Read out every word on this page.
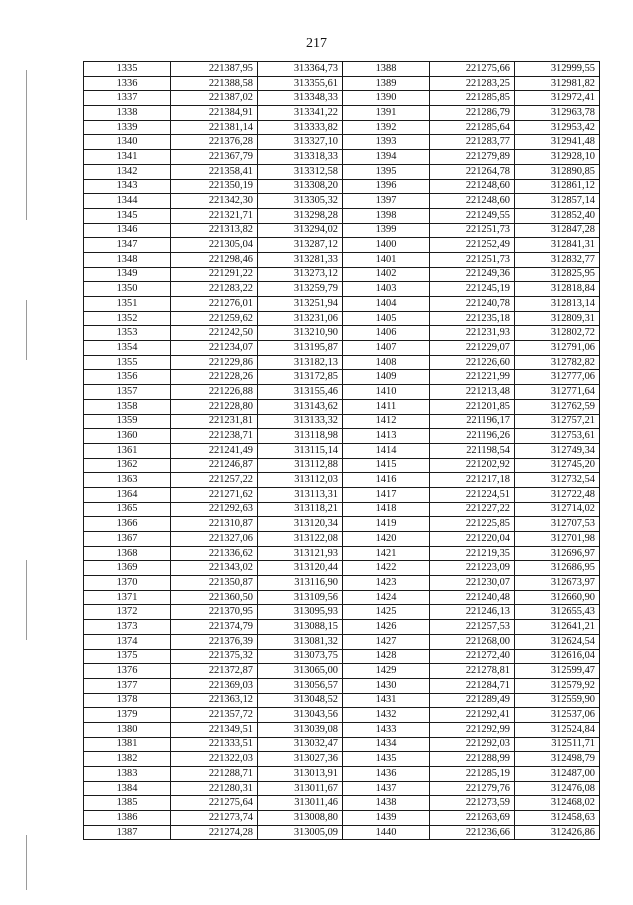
217
1335	221387,95	313364,73	1388	221275,66	312999,55
1336	221388,58	313355,61	1389	221283,25	312981,82
1337	221387,02	313348,33	1390	221285,85	312972,41
1338	221384,91	313341,22	1391	221286,79	312963,78
1339	221381,14	313333,82	1392	221285,64	312953,42
1340	221376,28	313327,10	1393	221283,77	312941,48
1341	221367,79	313318,33	1394	221279,89	312928,10
1342	221358,41	313312,58	1395	221264,78	312890,85
1343	221350,19	313308,20	1396	221248,60	312861,12
1344	221342,30	313305,32	1397	221248,60	312857,14
1345	221321,71	313298,28	1398	221249,55	312852,40
1346	221313,82	313294,02	1399	221251,73	312847,28
1347	221305,04	313287,12	1400	221252,49	312841,31
1348	221298,46	313281,33	1401	221251,73	312832,77
1349	221291,22	313273,12	1402	221249,36	312825,95
1350	221283,22	313259,79	1403	221245,19	312818,84
1351	221276,01	313251,94	1404	221240,78	312813,14
1352	221259,62	313231,06	1405	221235,18	312809,31
1353	221242,50	313210,90	1406	221231,93	312802,72
1354	221234,07	313195,87	1407	221229,07	312791,06
1355	221229,86	313182,13	1408	221226,60	312782,82
1356	221228,26	313172,85	1409	221221,99	312777,06
1357	221226,88	313155,46	1410	221213,48	312771,64
1358	221228,80	313143,62	1411	221201,85	312762,59
1359	221231,81	313133,32	1412	221196,17	312757,21
1360	221238,71	313118,98	1413	221196,26	312753,61
1361	221241,49	313115,14	1414	221198,54	312749,34
1362	221246,87	313112,88	1415	221202,92	312745,20
1363	221257,22	313112,03	1416	221217,18	312732,54
1364	221271,62	313113,31	1417	221224,51	312722,48
1365	221292,63	313118,21	1418	221227,22	312714,02
1366	221310,87	313120,34	1419	221225,85	312707,53
1367	221327,06	313122,08	1420	221220,04	312701,98
1368	221336,62	313121,93	1421	221219,35	312696,97
1369	221343,02	313120,44	1422	221223,09	312686,95
1370	221350,87	313116,90	1423	221230,07	312673,97
1371	221360,50	313109,56	1424	221240,48	312660,90
1372	221370,95	313095,93	1425	221246,13	312655,43
1373	221374,79	313088,15	1426	221257,53	312641,21
1374	221376,39	313081,32	1427	221268,00	312624,54
1375	221375,32	313073,75	1428	221272,40	312616,04
1376	221372,87	313065,00	1429	221278,81	312599,47
1377	221369,03	313056,57	1430	221284,71	312579,92
1378	221363,12	313048,52	1431	221289,49	312559,90
1379	221357,72	313043,56	1432	221292,41	312537,06
1380	221349,51	313039,08	1433	221292,99	312524,84
1381	221333,51	313032,47	1434	221292,03	312511,71
1382	221322,03	313027,36	1435	221288,99	312498,79
1383	221288,71	313013,91	1436	221285,19	312487,00
1384	221280,31	313011,67	1437	221279,76	312476,08
1385	221275,64	313011,46	1438	221273,59	312468,02
1386	221273,74	313008,80	1439	221263,69	312458,63
1387	221274,28	313005,09	1440	221236,66	312426,86
